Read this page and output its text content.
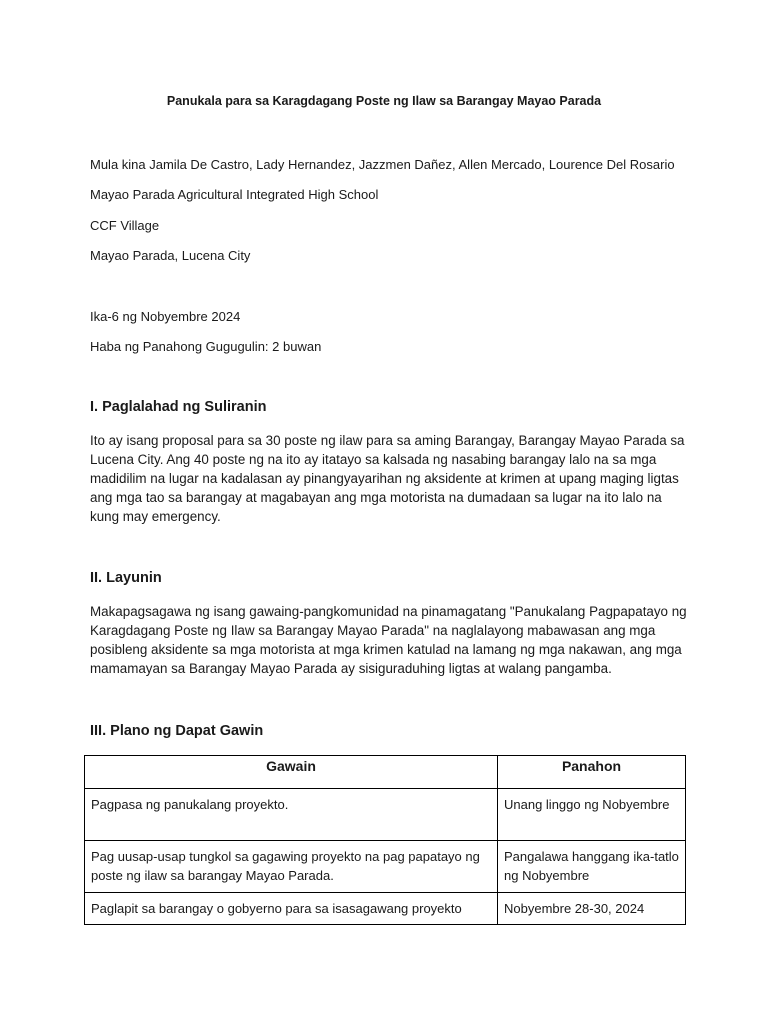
Panukala para sa Karagdagang Poste ng Ilaw sa Barangay Mayao Parada
Mula kina Jamila De Castro, Lady Hernandez, Jazzmen Dañez, Allen Mercado, Lourence Del Rosario
Mayao Parada Agricultural Integrated High School
CCF Village
Mayao Parada, Lucena City
Ika-6 ng Nobyembre 2024
Haba ng Panahong Gugugulin: 2 buwan
I. Paglalahad ng Suliranin
Ito ay isang proposal para sa 30 poste ng ilaw para sa aming Barangay, Barangay Mayao Parada sa Lucena City. Ang 40 poste ng na ito ay itatayo sa kalsada ng nasabing barangay lalo na sa mga madidilim na lugar na kadalasan ay pinangyayarihan ng aksidente at krimen at upang maging ligtas ang mga tao sa barangay at magabayan ang mga motorista na dumadaan sa lugar na ito lalo na kung may emergency.
II. Layunin
Makapagsagawa ng isang gawaing-pangkomunidad na pinamagatang "Panukalang Pagpapatayo ng Karagdagang Poste ng Ilaw sa Barangay Mayao Parada" na naglalayong mabawasan ang mga posibleng aksidente sa mga motorista at mga krimen katulad na lamang ng mga nakawan, ang mga mamamayan sa Barangay Mayao Parada ay sisiguraduhing ligtas at walang pangamba.
III. Plano ng Dapat Gawin
Gawain	Panahon
Pagpasa ng panukalang proyekto.	Unang linggo ng Nobyembre
Pag uusap-usap tungkol sa gagawing proyekto na pag papatayo ng poste ng ilaw sa barangay Mayao Parada.	Pangalawa hanggang ika-tatlo ng Nobyembre
Paglapit sa barangay o gobyerno para sa isasagawang proyekto	Nobyembre 28-30, 2024
